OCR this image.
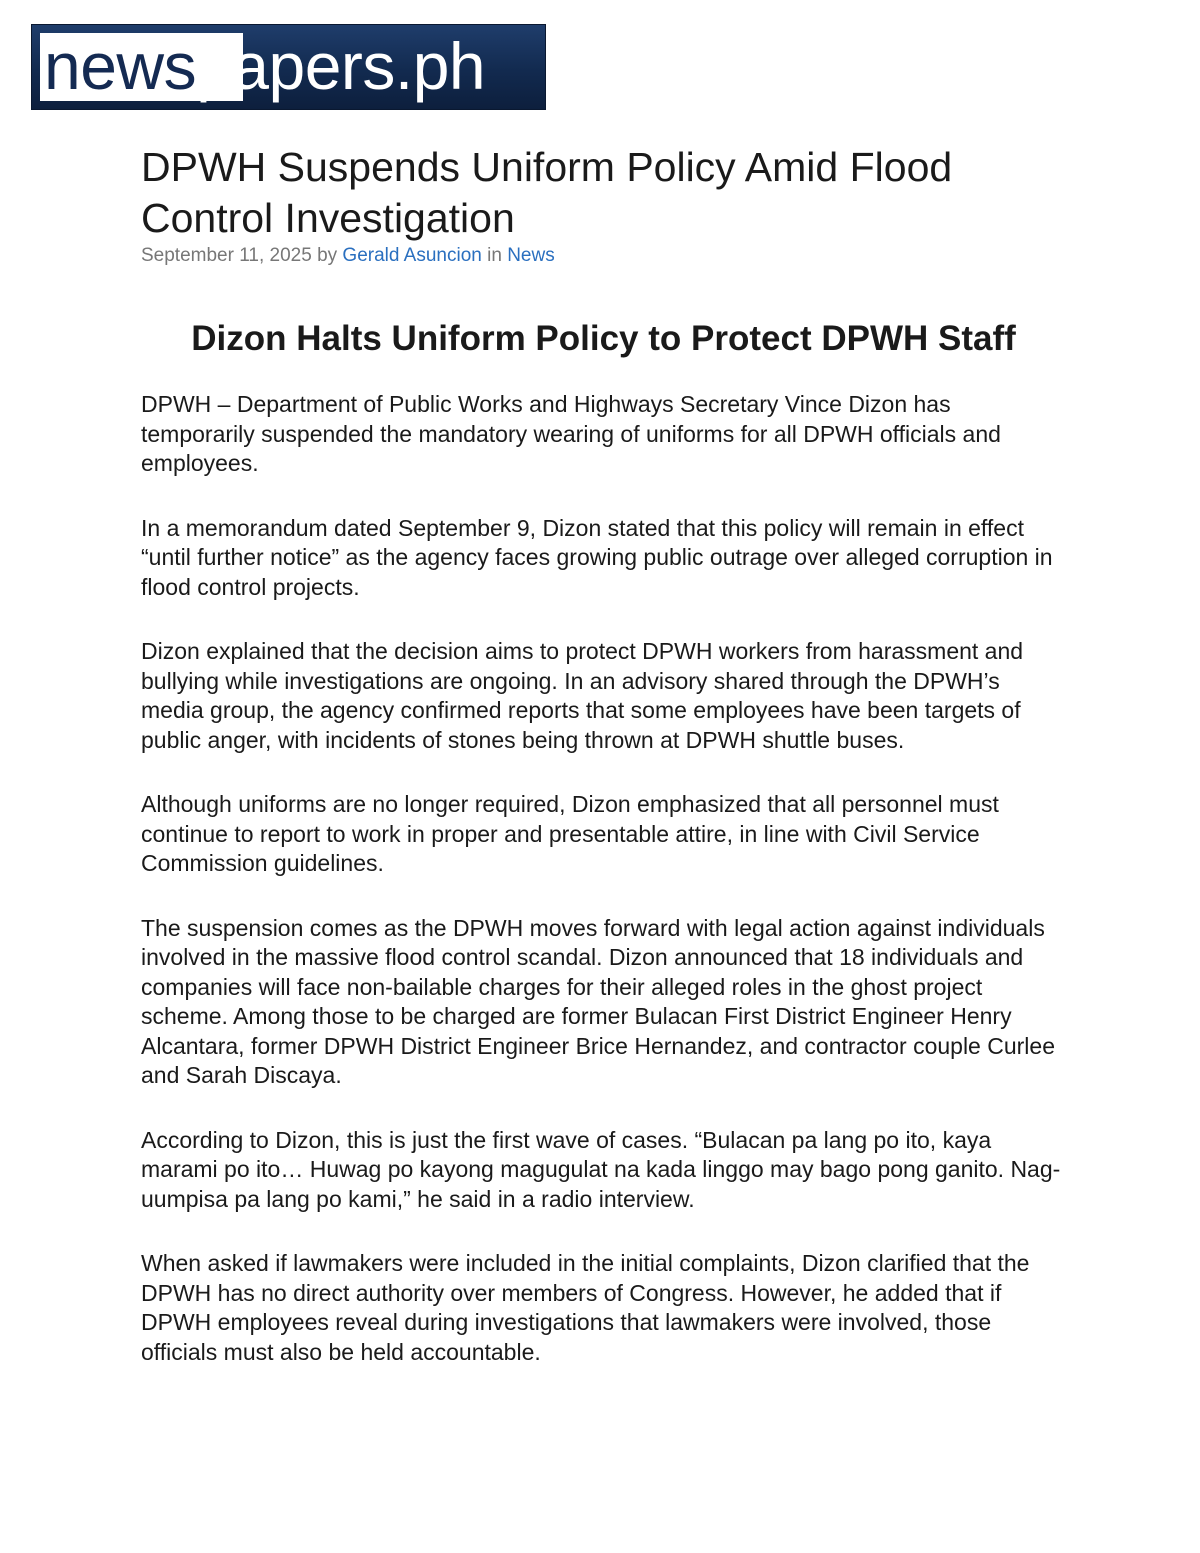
newspapers.ph
DPWH Suspends Uniform Policy Amid Flood Control Investigation
September 11, 2025 by Gerald Asuncion in News
Dizon Halts Uniform Policy to Protect DPWH Staff

DPWH – Department of Public Works and Highways Secretary Vince Dizon has temporarily suspended the mandatory wearing of uniforms for all DPWH officials and employees.

In a memorandum dated September 9, Dizon stated that this policy will remain in effect “until further notice” as the agency faces growing public outrage over alleged corruption in flood control projects.

Dizon explained that the decision aims to protect DPWH workers from harassment and bullying while investigations are ongoing. In an advisory shared through the DPWH’s media group, the agency confirmed reports that some employees have been targets of public anger, with incidents of stones being thrown at DPWH shuttle buses.

Although uniforms are no longer required, Dizon emphasized that all personnel must continue to report to work in proper and presentable attire, in line with Civil Service Commission guidelines.

The suspension comes as the DPWH moves forward with legal action against individuals involved in the massive flood control scandal. Dizon announced that 18 individuals and companies will face non-bailable charges for their alleged roles in the ghost project scheme. Among those to be charged are former Bulacan First District Engineer Henry Alcantara, former DPWH District Engineer Brice Hernandez, and contractor couple Curlee and Sarah Discaya.

According to Dizon, this is just the first wave of cases. “Bulacan pa lang po ito, kaya marami po ito… Huwag po kayong magugulat na kada linggo may bago pong ganito. Nag-uumpisa pa lang po kami,” he said in a radio interview.

When asked if lawmakers were included in the initial complaints, Dizon clarified that the DPWH has no direct authority over members of Congress. However, he added that if DPWH employees reveal during investigations that lawmakers were involved, those officials must also be held accountable.
